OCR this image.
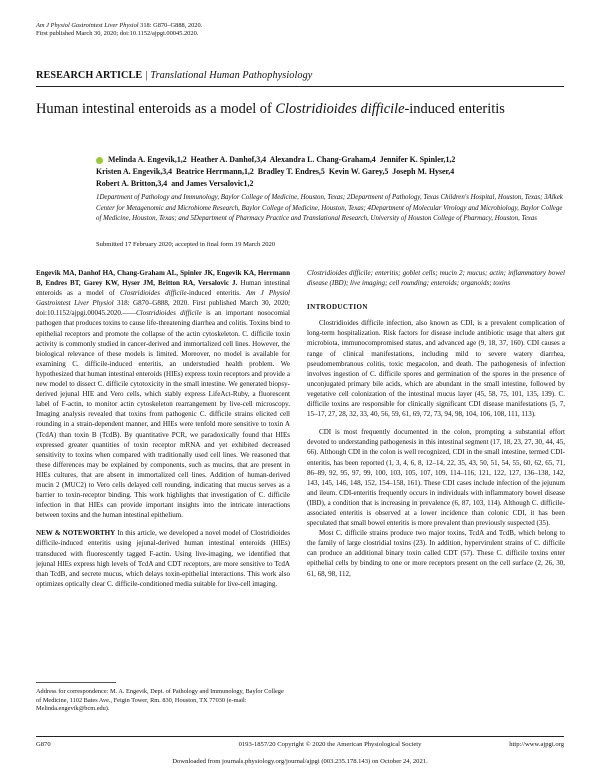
Am J Physiol Gastrointest Liver Physiol 318: G870–G888, 2020.
First published March 30, 2020; doi:10.1152/ajpgi.00045.2020.
RESEARCH ARTICLE | Translational Human Pathophysiology
Human intestinal enteroids as a model of Clostridioides difficile-induced enteritis
Melinda A. Engevik,1,2 Heather A. Danhof,3,4 Alexandra L. Chang-Graham,4 Jennifer K. Spinler,1,2
Kristen A. Engevik,3,4 Beatrice Herrmann,1,2 Bradley T. Endres,5 Kevin W. Garey,5 Joseph M. Hyser,4
Robert A. Britton,3,4 and James Versalovic1,2
1Department of Pathology and Immunology, Baylor College of Medicine, Houston, Texas; 2Department of Pathology, Texas Children's Hospital, Houston, Texas; 3Alkek Center for Metagenomic and Microbiome Research, Baylor College of Medicine, Houston, Texas; 4Department of Molecular Virology and Microbiology, Baylor College of Medicine, Houston, Texas; and 5Department of Pharmacy Practice and Translational Research, University of Houston College of Pharmacy, Houston, Texas
Submitted 17 February 2020; accepted in final form 19 March 2020

Engevik MA, Danhof HA, Chang-Graham AL, Spinler JK, Engevik KA, Herrmann B, Endres BT, Garey KW, Hyser JM, Britton RA, Versalovic J. Human intestinal enteroids as a model of Clostridioides difficile-induced enteritis. Am J Physiol Gastrointest Liver Physiol 318: G870–G888, 2020. First published March 30, 2020; doi:10.1152/ajpgi.00045.2020.——Clostridioides difficile is an important nosocomial pathogen that produces toxins to cause life-threatening diarrhea and colitis. Toxins bind to epithelial receptors and promote the collapse of the actin cytoskeleton. C. difficile toxin activity is commonly studied in cancer-derived and immortalized cell lines. However, the biological relevance of these models is limited. Moreover, no model is available for examining C. difficile-induced enteritis, an understudied health problem. We hypothesized that human intestinal enteroids (HIEs) express toxin receptors and provide a new model to dissect C. difficile cytotoxicity in the small intestine. We generated biopsy-derived jejunal HIE and Vero cells, which stably express LifeAct-Ruby, a fluorescent label of F-actin, to monitor actin cytoskeleton rearrangement by live-cell microscopy. Imaging analysis revealed that toxins from pathogenic C. difficile strains elicited cell rounding in a strain-dependent manner, and HIEs were tenfold more sensitive to toxin A (TcdA) than toxin B (TcdB). By quantitative PCR, we paradoxically found that HIEs expressed greater quantities of toxin receptor mRNA and yet exhibited decreased sensitivity to toxins when compared with traditionally used cell lines. We reasoned that these differences may be explained by components, such as mucins, that are present in HIEs cultures, that are absent in immortalized cell lines. Addition of human-derived mucin 2 (MUC2) to Vero cells delayed cell rounding, indicating that mucus serves as a barrier to toxin-receptor binding. This work highlights that investigation of C. difficile infection in that HIEs can provide important insights into the intricate interactions between toxins and the human intestinal epithelium.

NEW & NOTEWORTHY In this article, we developed a novel model of Clostridioides difficile-induced enteritis using jejunal-derived human intestinal enteroids (HIEs) transduced with fluorescently tagged F-actin. Using live-imaging, we identified that jejunal HIEs express high levels of TcdA and CDT receptors, are more sensitive to TcdA than TcdB, and secrete mucus, which delays toxin-epithelial interactions. This work also optimizes optically clear C. difficile-conditioned media suitable for live-cell imaging.

Clostridioides difficile; enteritis; goblet cells; mucin 2; mucus; actin; inflammatory bowel disease (IBD); live imaging; cell rounding; enteroids; organoids; toxins

INTRODUCTION

Clostridioides difficile infection, also known as CDI, is a prevalent complication of long-term hospitalization. Risk factors for disease include antibiotic usage that alters gut microbiota, immunocompromised status, and advanced age (9, 18, 37, 160). CDI causes a range of clinical manifestations, including mild to severe watery diarrhea, pseudomembranous colitis, toxic megacolon, and death. The pathogenesis of infection involves ingestion of C. difficile spores and germination of the spores in the presence of unconjugated primary bile acids, which are abundant in the small intestine, followed by vegetative cell colonization of the intestinal mucus layer (45, 58, 75, 101, 135, 139). C. difficile toxins are responsible for clinically significant CDI disease manifestations (5, 7, 15–17, 27, 28, 32, 33, 40, 56, 59, 61, 69, 72, 73, 94, 98, 104, 106, 108, 111, 113).

CDI is most frequently documented in the colon, prompting a substantial effort devoted to understanding pathogenesis in this intestinal segment (17, 18, 23, 27, 30, 44, 45, 66). Although CDI in the colon is well recognized, CDI in the small intestine, termed CDI-enteritis, has been reported (1, 3, 4, 6, 8, 12–14, 22, 35, 43, 50, 51, 54, 55, 60, 62, 65, 71, 86–89, 92, 95, 97, 99, 100, 103, 105, 107, 109, 114–116, 121, 122, 127, 136–138, 142, 143, 145, 146, 148, 152, 154–158, 161). These CDI cases include infection of the jejunum and ileum. CDI-enteritis frequently occurs in individuals with inflammatory bowel disease (IBD), a condition that is increasing in prevalence (6, 87, 103, 114). Although C. difficile-associated enteritis is observed at a lower incidence than colonic CDI, it has been speculated that small bowel enteritis is more prevalent than previously suspected (35).

Most C. difficile strains produce two major toxins, TcdA and TcdB, which belong to the family of large clostridial toxins (23). In addition, hypervirulent strains of C. difficile can produce an additional binary toxin called CDT (57). These C. difficile toxins enter epithelial cells by binding to one or more receptors present on the cell surface (2, 26, 30, 61, 68, 98, 112,

Address for correspondence: M. A. Engevik, Dept. of Pathology and Immunology, Baylor College of Medicine, 1102 Bates Ave., Feigin Tower, Rm. 830, Houston, TX 77030 (e-mail: Melinda.engevik@bcm.edu).
G870	0193-1857/20 Copyright © 2020 the American Physiological Society	http://www.ajpgi.org
Downloaded from journals.physiology.org/journal/ajpgi (003.235.178.143) on October 24, 2021.
